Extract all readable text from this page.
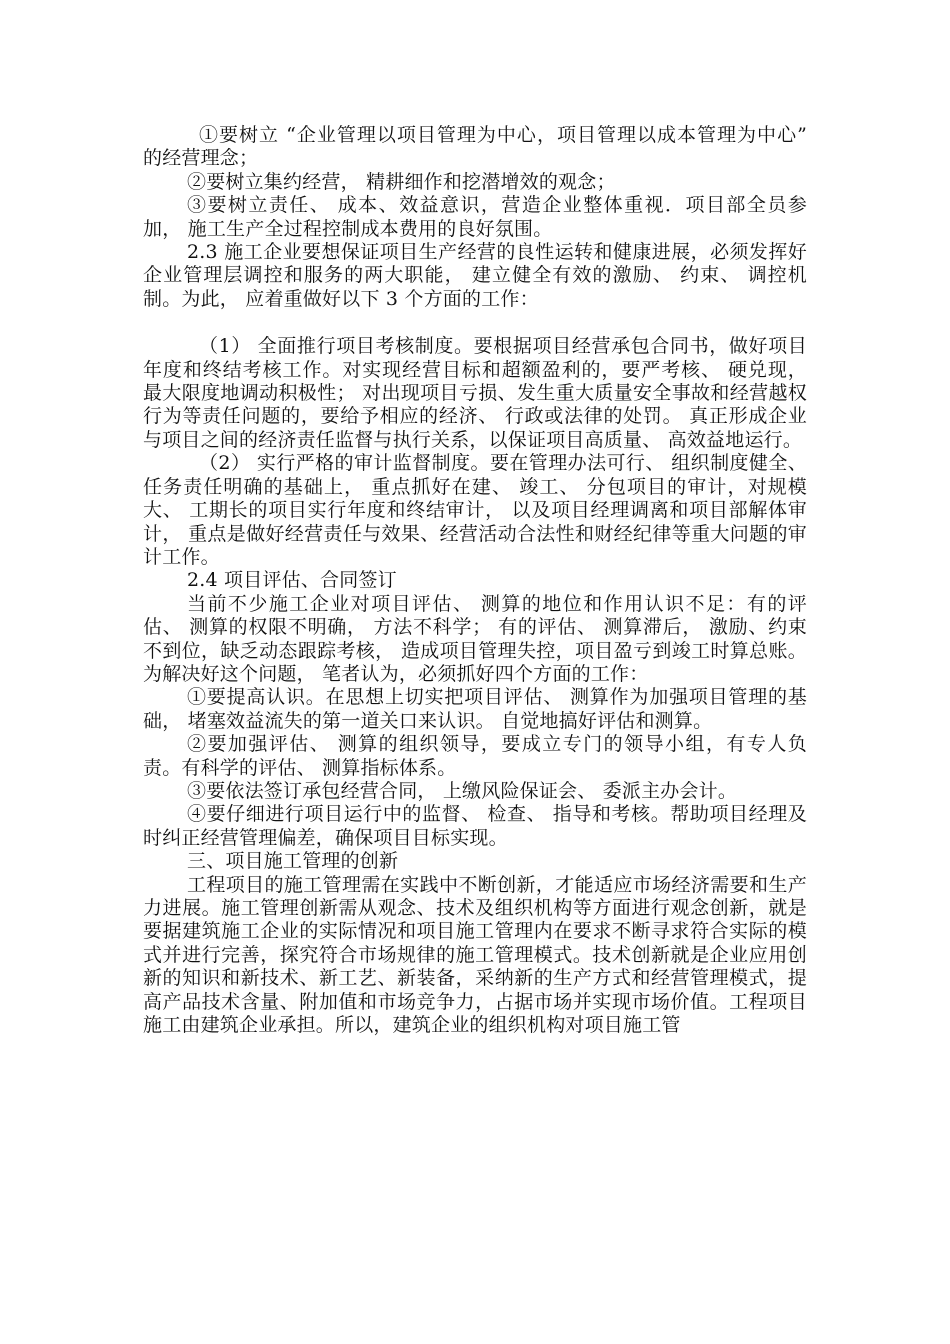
①要树立 “企业管理以项目管理为中心，项目管理以成本管理为中心” 的经营理念；

②要树立集约经营， 精耕细作和挖潜增效的观念；

③要树立责任、 成本、效益意识，营造企业整体重视．项目部全员参加， 施工生产全过程控制成本费用的良好氛围。

2.3 施工企业要想保证项目生产经营的良性运转和健康进展，必须发挥好企业管理层调控和服务的两大职能， 建立健全有效的激励、 约束、 调控机制。为此， 应着重做好以下 3 个方面的工作：

（1） 全面推行项目考核制度。要根据项目经营承包合同书，做好项目年度和终结考核工作。对实现经营目标和超额盈利的，要严考核、 硬兑现， 最大限度地调动积极性； 对出现项目亏损、发生重大质量安全事故和经营越权行为等责任问题的，要给予相应的经济、 行政或法律的处罚。 真正形成企业与项目之间的经济责任监督与执行关系，以保证项目高质量、 高效益地运行。

（2） 实行严格的审计监督制度。要在管理办法可行、 组织制度健全、 任务责任明确的基础上， 重点抓好在建、 竣工、 分包项目的审计，对规模大、 工期长的项目实行年度和终结审计， 以及项目经理调离和项目部解体审计， 重点是做好经营责任与效果、经营活动合法性和财经纪律等重大问题的审计工作。

2.4 项目评估、合同签订

当前不少施工企业对项目评估、 测算的地位和作用认识不足：有的评估、 测算的权限不明确， 方法不科学； 有的评估、 测算滞后， 激励、约束不到位，缺乏动态跟踪考核， 造成项目管理失控，项目盈亏到竣工时算总账。为解决好这个问题， 笔者认为，必须抓好四个方面的工作：

①要提高认识。在思想上切实把项目评估、 测算作为加强项目管理的基础， 堵塞效益流失的第一道关口来认识。 自觉地搞好评估和测算。

②要加强评估、 测算的组织领导，要成立专门的领导小组，有专人负责。有科学的评估、 测算指标体系。

③要依法签订承包经营合同， 上缴风险保证会、 委派主办会计。

④要仔细进行项目运行中的监督、 检查、 指导和考核。帮助项目经理及时纠正经营管理偏差，确保项目目标实现。

三、项目施工管理的创新

工程项目的施工管理需在实践中不断创新，才能适应市场经济需要和生产力进展。施工管理创新需从观念、技术及组织机构等方面进行观念创新，就是要据建筑施工企业的实际情况和项目施工管理内在要求不断寻求符合实际的模式并进行完善，探究符合市场规律的施工管理模式。技术创新就是企业应用创新的知识和新技术、新工艺、新装备，采纳新的生产方式和经营管理模式，提高产品技术含量、附加值和市场竞争力，占据市场并实现市场价值。工程项目施工由建筑企业承担。所以，建筑企业的组织机构对项目施工管
